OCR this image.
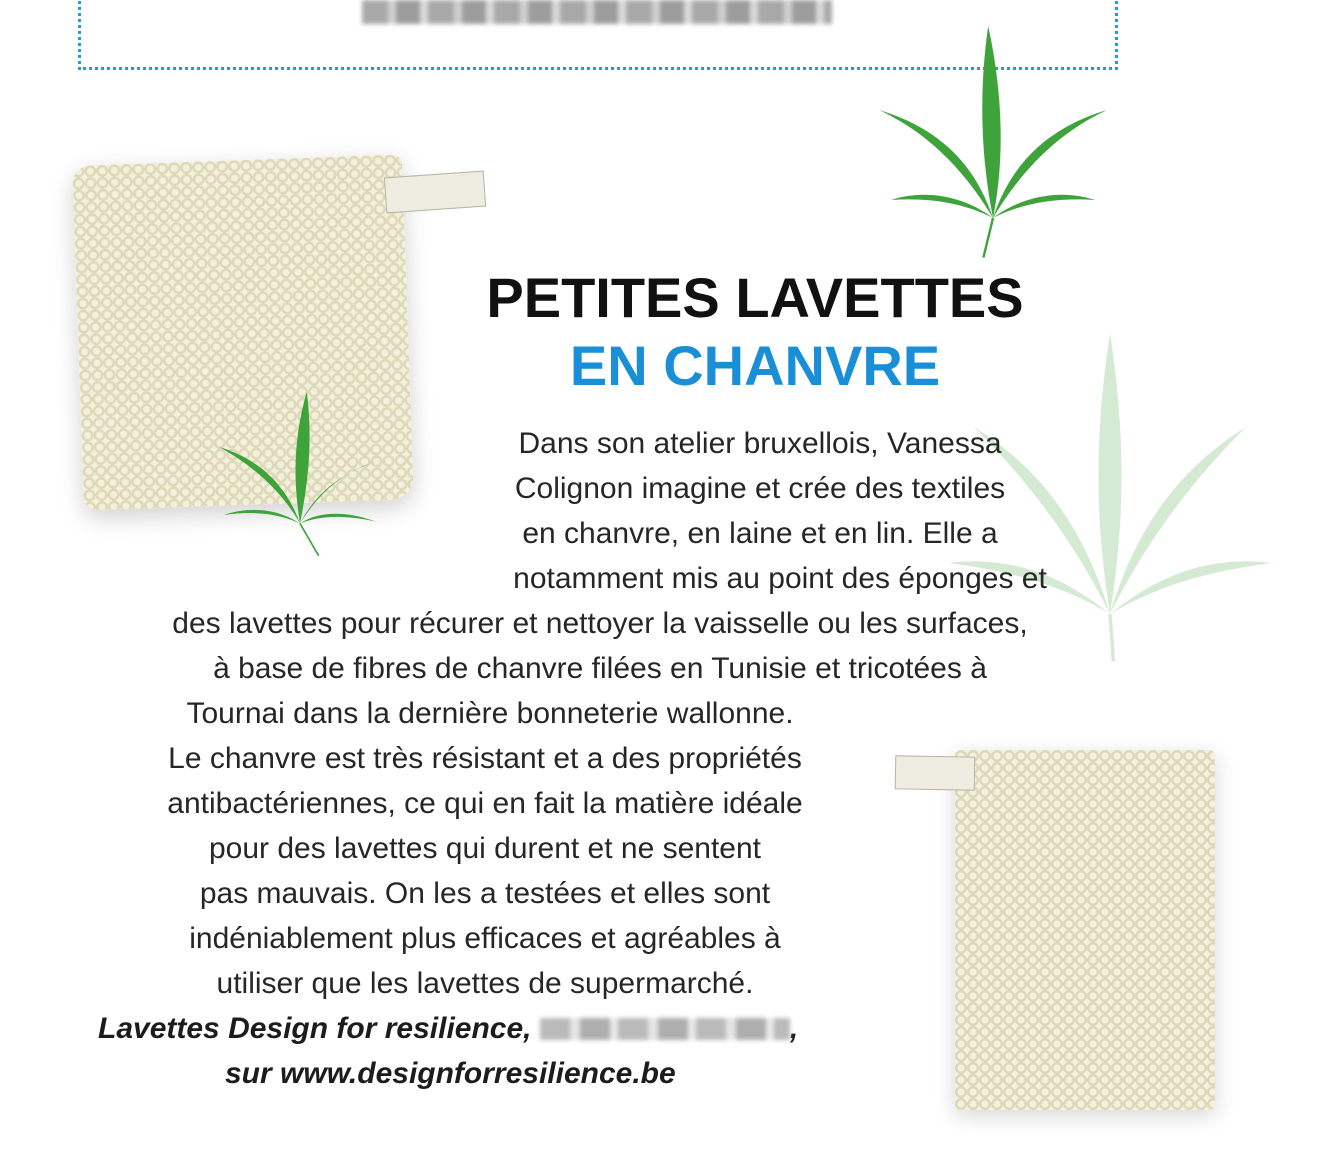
PETITES LAVETTES
EN CHANVRE
Dans son atelier bruxellois, Vanessa
Colignon imagine et crée des textiles
en chanvre, en laine et en lin. Elle a
notamment mis au point des éponges et
des lavettes pour récurer et nettoyer la vaisselle ou les surfaces,
à base de fibres de chanvre filées en Tunisie et tricotées à
Tournai dans la dernière bonneterie wallonne.
Le chanvre est très résistant et a des propriétés
antibactériennes, ce qui en fait la matière idéale
pour des lavettes qui durent et ne sentent
pas mauvais. On les a testées et elles sont
indéniablement plus efficaces et agréables à
utiliser que les lavettes de supermarché.
Lavettes Design for resilience,	,
sur www.designforresilience.be
